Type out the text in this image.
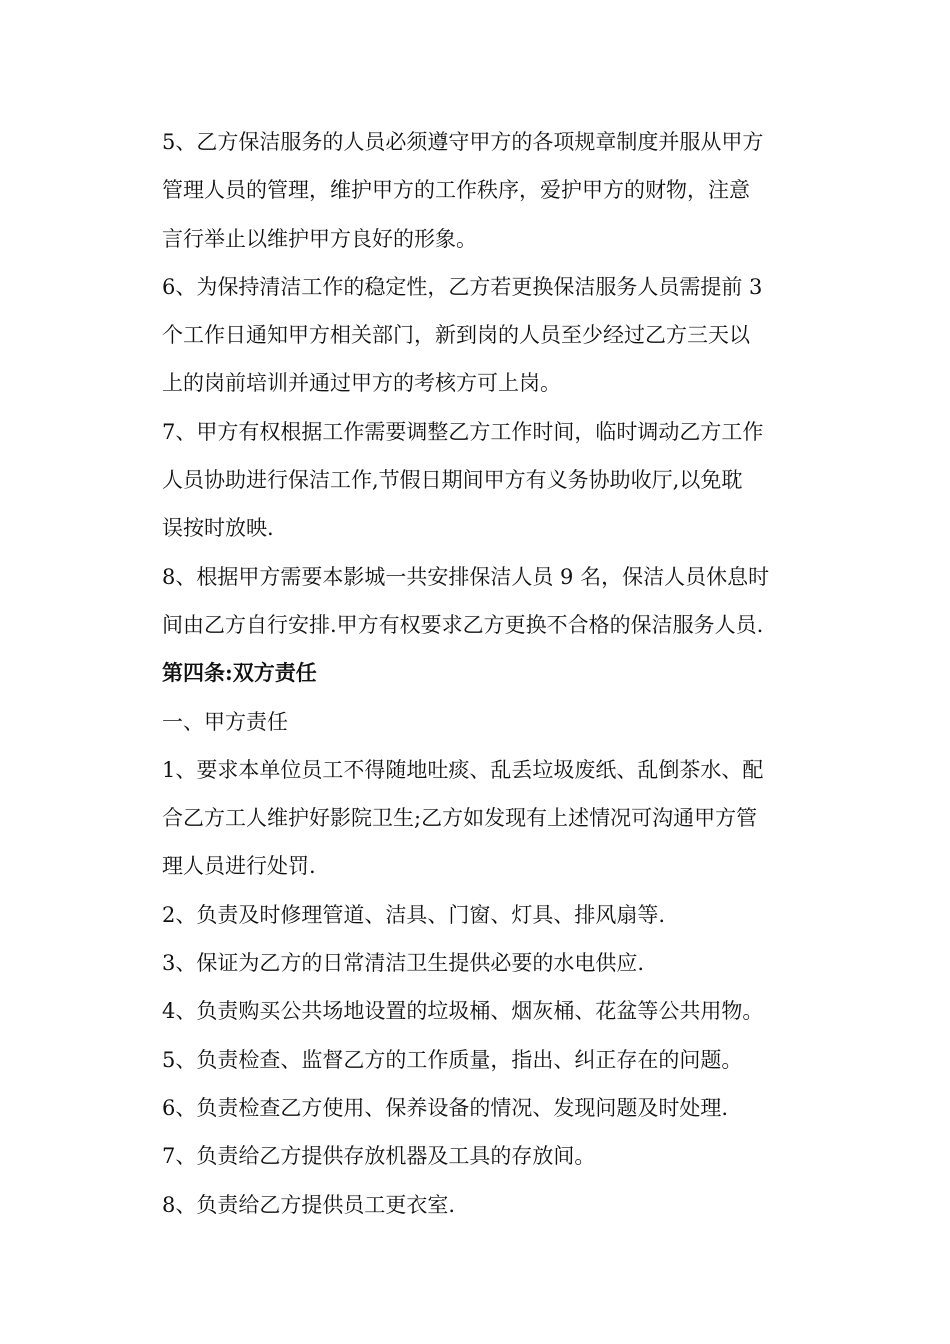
5、乙方保洁服务的人员必须遵守甲方的各项规章制度并服从甲方
管理人员的管理，维护甲方的工作秩序，爱护甲方的财物，注意
言行举止以维护甲方良好的形象。
6、为保持清洁工作的稳定性，乙方若更换保洁服务人员需提前 3
个工作日通知甲方相关部门，新到岗的人员至少经过乙方三天以
上的岗前培训并通过甲方的考核方可上岗。
7、甲方有权根据工作需要调整乙方工作时间，临时调动乙方工作
人员协助进行保洁工作,节假日期间甲方有义务协助收厅,以免耽
误按时放映.
8、根据甲方需要本影城一共安排保洁人员 9 名，保洁人员休息时
间由乙方自行安排.甲方有权要求乙方更换不合格的保洁服务人员.
第四条:双方责任
一、甲方责任
1、要求本单位员工不得随地吐痰、乱丢垃圾废纸、乱倒茶水、配
合乙方工人维护好影院卫生;乙方如发现有上述情况可沟通甲方管
理人员进行处罚.
2、负责及时修理管道、洁具、门窗、灯具、排风扇等.
3、保证为乙方的日常清洁卫生提供必要的水电供应.
4、负责购买公共场地设置的垃圾桶、烟灰桶、花盆等公共用物。
5、负责检查、监督乙方的工作质量，指出、纠正存在的问题。
6、负责检查乙方使用、保养设备的情况、发现问题及时处理.
7、负责给乙方提供存放机器及工具的存放间。
8、负责给乙方提供员工更衣室.
